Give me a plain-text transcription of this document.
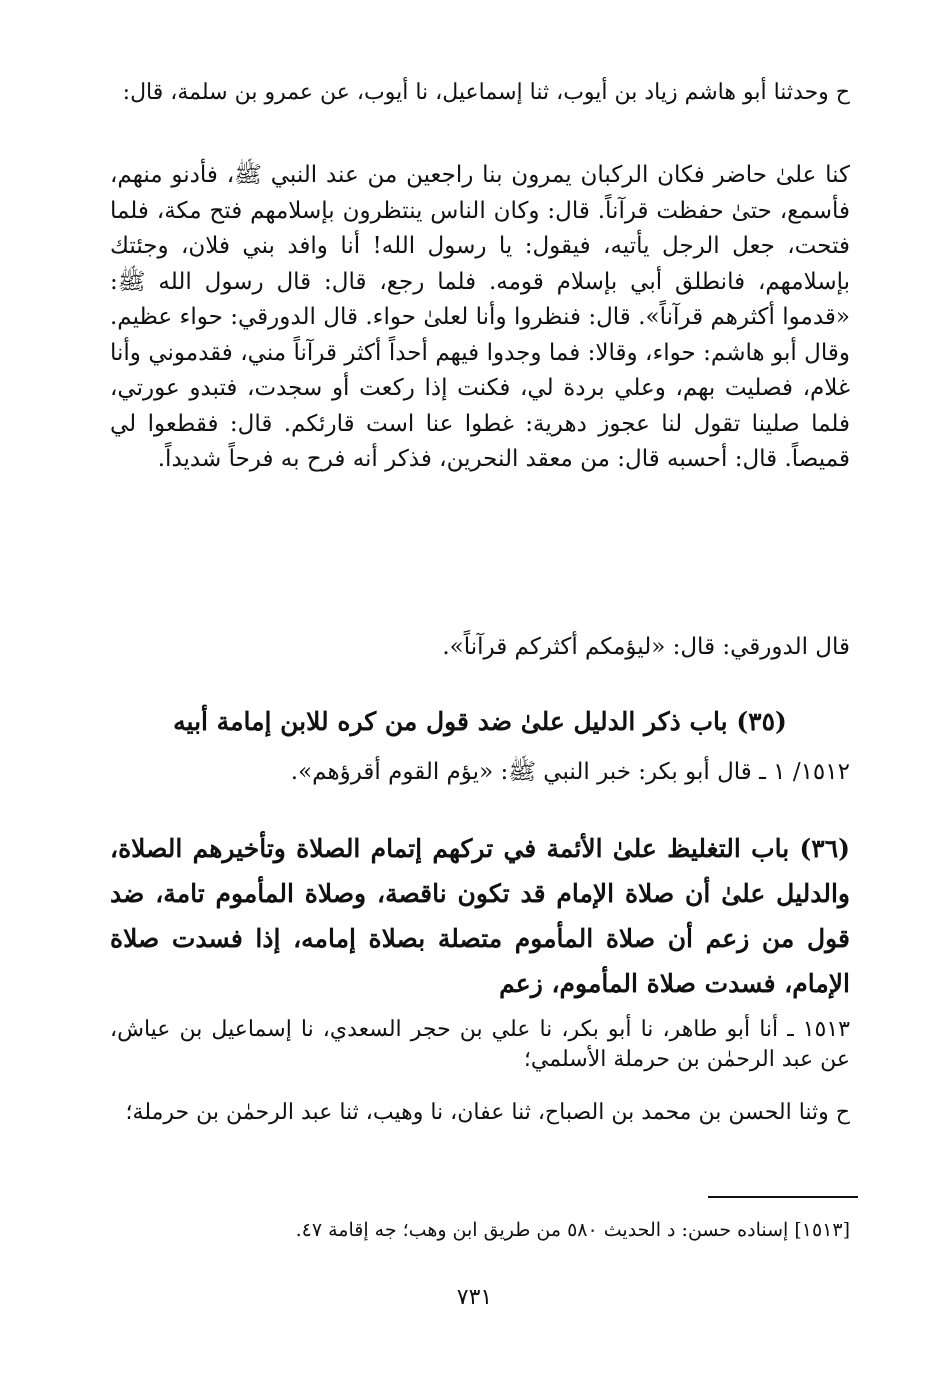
ح وحدثنا أبو هاشم زياد بن أيوب، ثنا إسماعيل، نا أيوب، عن عمرو بن سلمة، قال:
كنا علىٰ حاضر فكان الركبان يمرون بنا راجعين من عند النبي ﷺ، فأدنو منهم، فأسمع، حتىٰ حفظت قرآناً. قال: وكان الناس ينتظرون بإسلامهم فتح مكة، فلما فتحت، جعل الرجل يأتيه، فيقول: يا رسول الله! أنا وافد بني فلان، وجئتك بإسلامهم، فانطلق أبي بإسلام قومه. فلما رجع، قال: قال رسول الله ﷺ: «قدموا أكثرهم قرآناً». قال: فنظروا وأنا لعلىٰ حواء. قال الدورقي: حواء عظيم. وقال أبو هاشم: حواء، وقالا: فما وجدوا فيهم أحداً أكثر قرآناً مني، فقدموني وأنا غلام، فصليت بهم، وعلي بردة لي، فكنت إذا ركعت أو سجدت، فتبدو عورتي، فلما صلينا تقول لنا عجوز دهرية: غطوا عنا است قارئكم. قال: فقطعوا لي قميصاً. قال: أحسبه قال: من معقد النحرين، فذكر أنه فرح به فرحاً شديداً.
قال الدورقي: قال: «ليؤمكم أكثركم قرآناً».
(٣٥) باب ذكر الدليل علىٰ ضد قول من كره للابن إمامة أبيه
١٥١٢/ ١ ـ قال أبو بكر: خبر النبي ﷺ: «يؤم القوم أقرؤهم».
(٣٦) باب التغليظ علىٰ الأئمة في تركهم إتمام الصلاة وتأخيرهم الصلاة، والدليل علىٰ أن صلاة الإمام قد تكون ناقصة، وصلاة المأموم تامة، ضد قول من زعم أن صلاة المأموم متصلة بصلاة إمامه، إذا فسدت صلاة الإمام، فسدت صلاة المأموم، زعم
١٥١٣ ـ أنا أبو طاهر، نا أبو بكر، نا علي بن حجر السعدي، نا إسماعيل بن عياش، عن عبد الرحمٰن بن حرملة الأسلمي؛
ح وثنا الحسن بن محمد بن الصباح، ثنا عفان، نا وهيب، ثنا عبد الرحمٰن بن حرملة؛
[١٥١٣] إسناده حسن: د الحديث ٥٨٠ من طريق ابن وهب؛ جه إقامة ٤٧.
٧٣١
